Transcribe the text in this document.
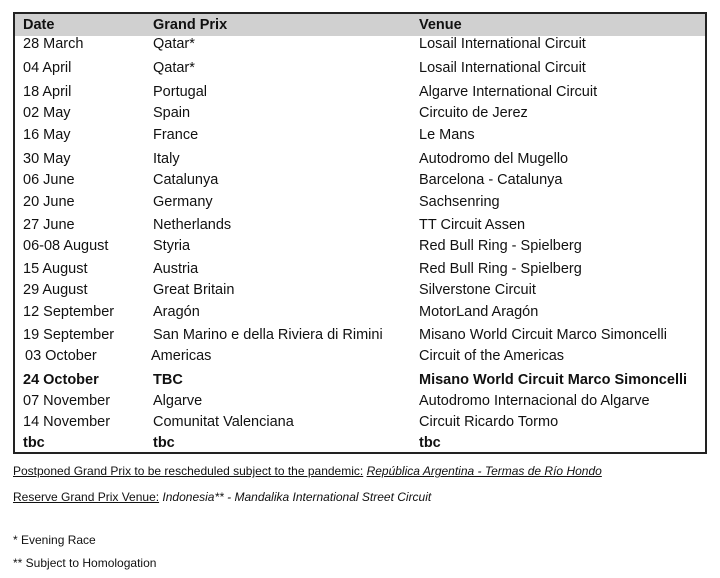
Date	Grand Prix	Venue
28 March	Qatar*	Losail International Circuit
04 April	Qatar*	Losail International Circuit
18 April	Portugal	Algarve International Circuit
02 May	Spain	Circuito de Jerez
16 May	France	Le Mans
30 May	Italy	Autodromo del Mugello
06 June	Catalunya	Barcelona - Catalunya
20 June	Germany	Sachsenring
27 June	Netherlands	TT Circuit Assen
06-08 August	Styria	Red Bull Ring - Spielberg
15 August	Austria	Red Bull Ring - Spielberg
29 August	Great Britain	Silverstone Circuit
12 September	Aragón	MotorLand Aragón
19 September	San Marino e della Riviera di Rimini	Misano World Circuit Marco Simoncelli
03 October	Americas	Circuit of the Americas
24 October	TBC	Misano World Circuit Marco Simoncelli
07 November	Algarve	Autodromo Internacional do Algarve
14 November	Comunitat Valenciana	Circuit Ricardo Tormo
tbc	tbc	tbc
Postponed Grand Prix to be rescheduled subject to the pandemic: República Argentina - Termas de Río Hondo
Reserve Grand Prix Venue: Indonesia** - Mandalika International Street Circuit
* Evening Race
** Subject to Homologation
